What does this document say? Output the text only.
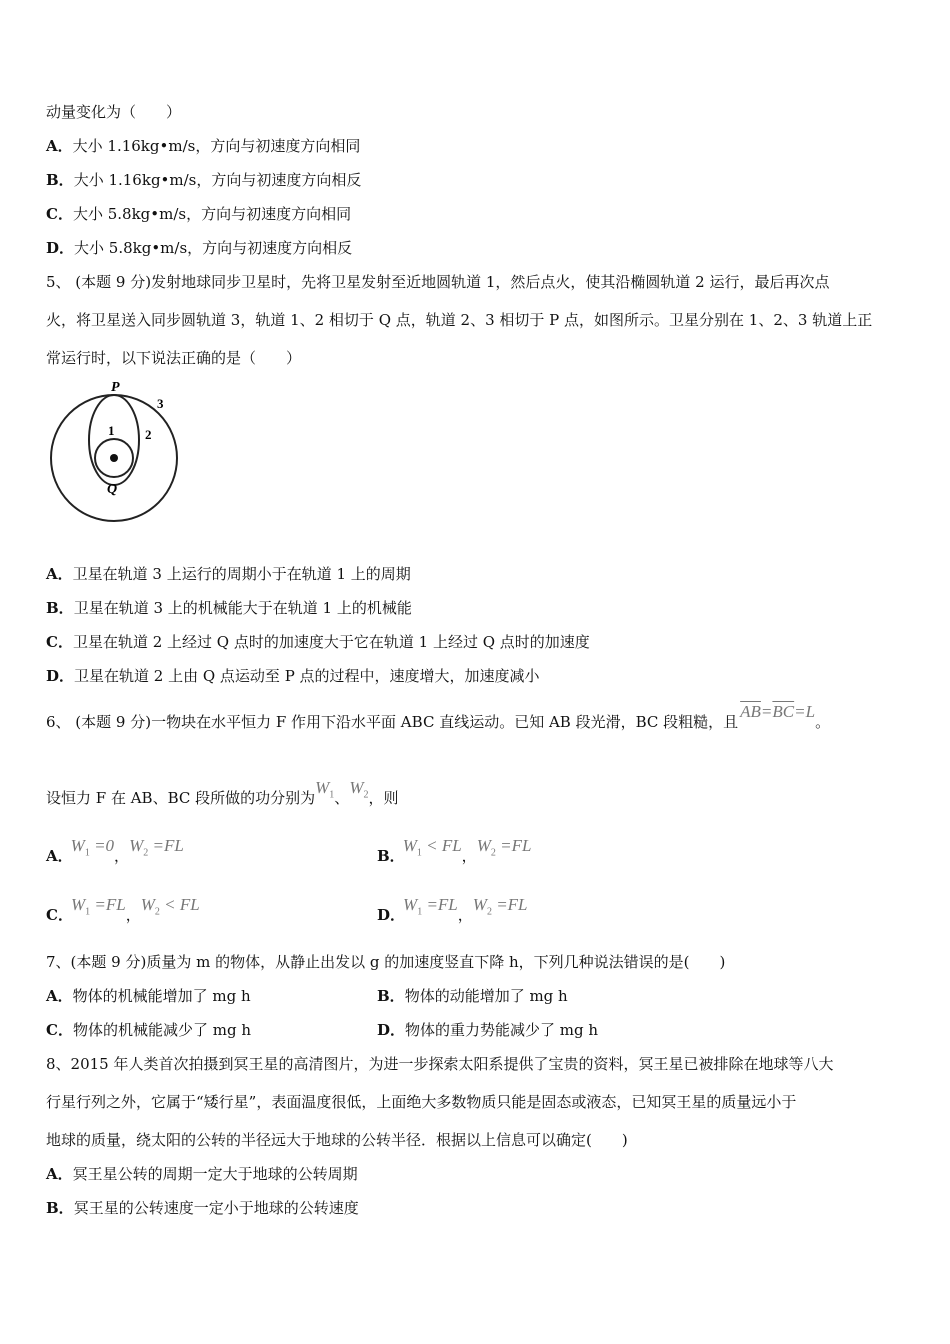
动量变化为（　　）
A．大小 1.16kg•m/s，方向与初速度方向相同
B．大小 1.16kg•m/s，方向与初速度方向相反
C．大小 5.8kg•m/s，方向与初速度方向相同
D．大小 5.8kg•m/s，方向与初速度方向相反
5、 (本题 9 分)发射地球同步卫星时，先将卫星发射至近地圆轨道 1，然后点火，使其沿椭圆轨道 2 运行，最后再次点
火，将卫星送入同步圆轨道 3，轨道 1、2 相切于 Q 点，轨道 2、3 相切于 P 点，如图所示。卫星分别在 1、2、3 轨道上正
常运行时，以下说法正确的是（　　）
P
Q
1 2
3
A．卫星在轨道 3 上运行的周期小于在轨道 1 上的周期
B．卫星在轨道 3 上的机械能大于在轨道 1 上的机械能
C．卫星在轨道 2 上经过 Q 点时的加速度大于它在轨道 1 上经过 Q 点时的加速度
D．卫星在轨道 2 上由 Q 点运动至 P 点的过程中，速度增大，加速度减小
6、 (本题 9 分)一物块在水平恒力 F 作用下沿水平面 ABC 直线运动。已知 AB 段光滑，BC 段粗糙，且$\overline{AB}=\overline{BC}=L$。
设恒力 F 在 AB、BC 段所做的功分别为$W_1$、$W_2$，则
A．$W_1 =0$，$W_2 =FL$
B．$W_1$ < FL，$W_2 =FL$
C．$W_1 =FL$，$W_2$ < FL
D．$W_1 =FL$，$W_2 =FL$
7、(本题 9 分)质量为 m 的物体，从静止出发以 g 的加速度竖直下降 h，下列几种说法错误的是(　　)
A．物体的机械能增加了 mg h	B．物体的动能增加了 mg h
C．物体的机械能减少了 mg h	D．物体的重力势能减少了 mg h
8、2015 年人类首次拍摄到冥王星的高清图片，为进一步探索太阳系提供了宝贵的资料，冥王星已被排除在地球等八大
行星行列之外，它属于“矮行星”，表面温度很低，上面绝大多数物质只能是固态或液态，已知冥王星的质量远小于
地球的质量，绕太阳的公转的半径远大于地球的公转半径．根据以上信息可以确定(　　)
A．冥王星公转的周期一定大于地球的公转周期
B．冥王星的公转速度一定小于地球的公转速度
